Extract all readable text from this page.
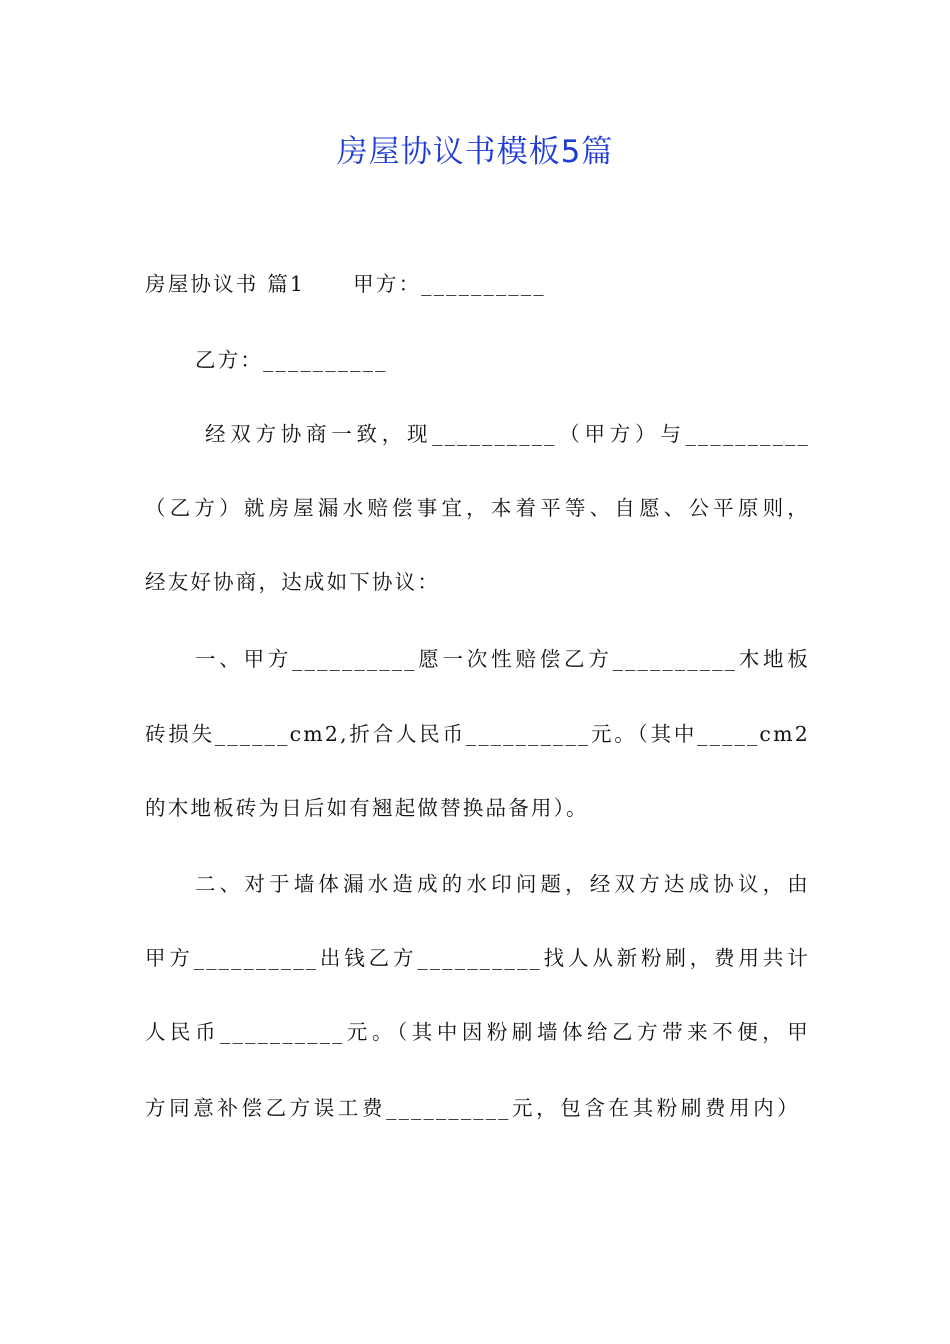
房屋协议书模板5篇
房屋协议书 篇1 甲方：__________
乙方：__________
经双方协商一致，现__________（甲方）与__________
（乙方）就房屋漏水赔偿事宜，本着平等、自愿、公平原则，
经友好协商，达成如下协议：
一、甲方__________愿一次性赔偿乙方__________木地板
砖损失______cm2,折合人民币__________元。（其中_____cm2
的木地板砖为日后如有翘起做替换品备用）。
二、对于墙体漏水造成的水印问题，经双方达成协议，由
甲方__________出钱乙方__________找人从新粉刷，费用共计
人民币__________元。（其中因粉刷墙体给乙方带来不便，甲
方同意补偿乙方误工费__________元，包含在其粉刷费用内）
